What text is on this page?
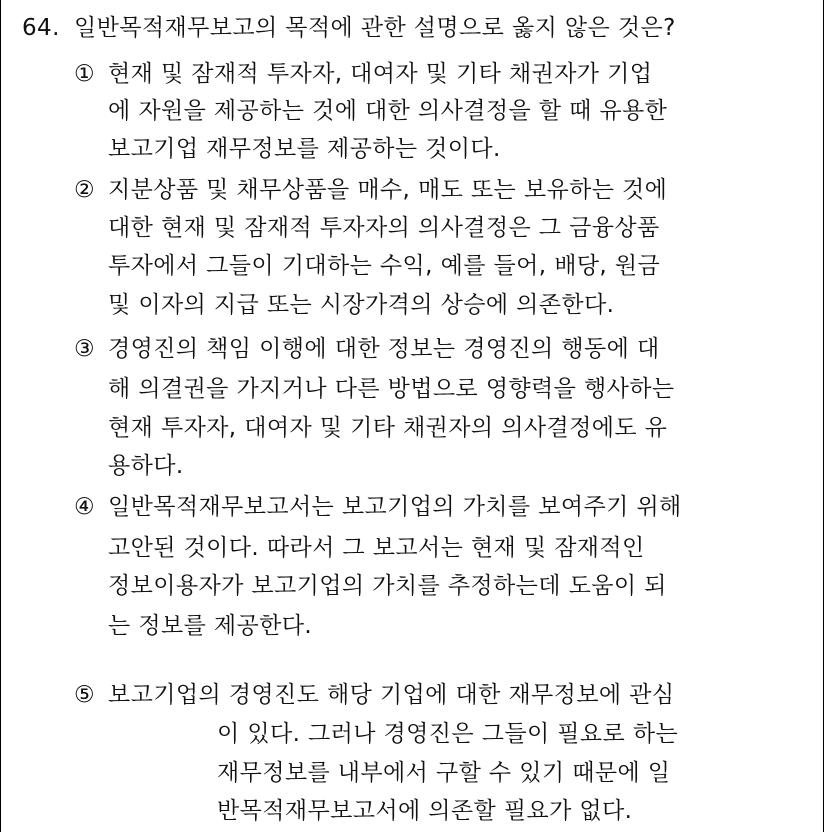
64. 일반목적재무보고의 목적에 관한 설명으로 옳지 않은 것은?
① 현재 및 잠재적 투자자, 대여자 및 기타 채권자가 기업
에 자원을 제공하는 것에 대한 의사결정을 할 때 유용한
보고기업 재무정보를 제공하는 것이다.
② 지분상품 및 채무상품을 매수, 매도 또는 보유하는 것에
대한 현재 및 잠재적 투자자의 의사결정은 그 금융상품
투자에서 그들이 기대하는 수익, 예를 들어, 배당, 원금
및 이자의 지급 또는 시장가격의 상승에 의존한다.
③ 경영진의 책임 이행에 대한 정보는 경영진의 행동에 대
해 의결권을 가지거나 다른 방법으로 영향력을 행사하는
현재 투자자, 대여자 및 기타 채권자의 의사결정에도 유
용하다.
④ 일반목적재무보고서는 보고기업의 가치를 보여주기 위해
고안된 것이다. 따라서 그 보고서는 현재 및 잠재적인
정보이용자가 보고기업의 가치를 추정하는데 도움이 되
는 정보를 제공한다.
⑤ 보고기업의 경영진도 해당 기업에 대한 재무정보에 관심
이 있다. 그러나 경영진은 그들이 필요로 하는
재무정보를 내부에서 구할 수 있기 때문에 일
반목적재무보고서에 의존할 필요가 없다.
